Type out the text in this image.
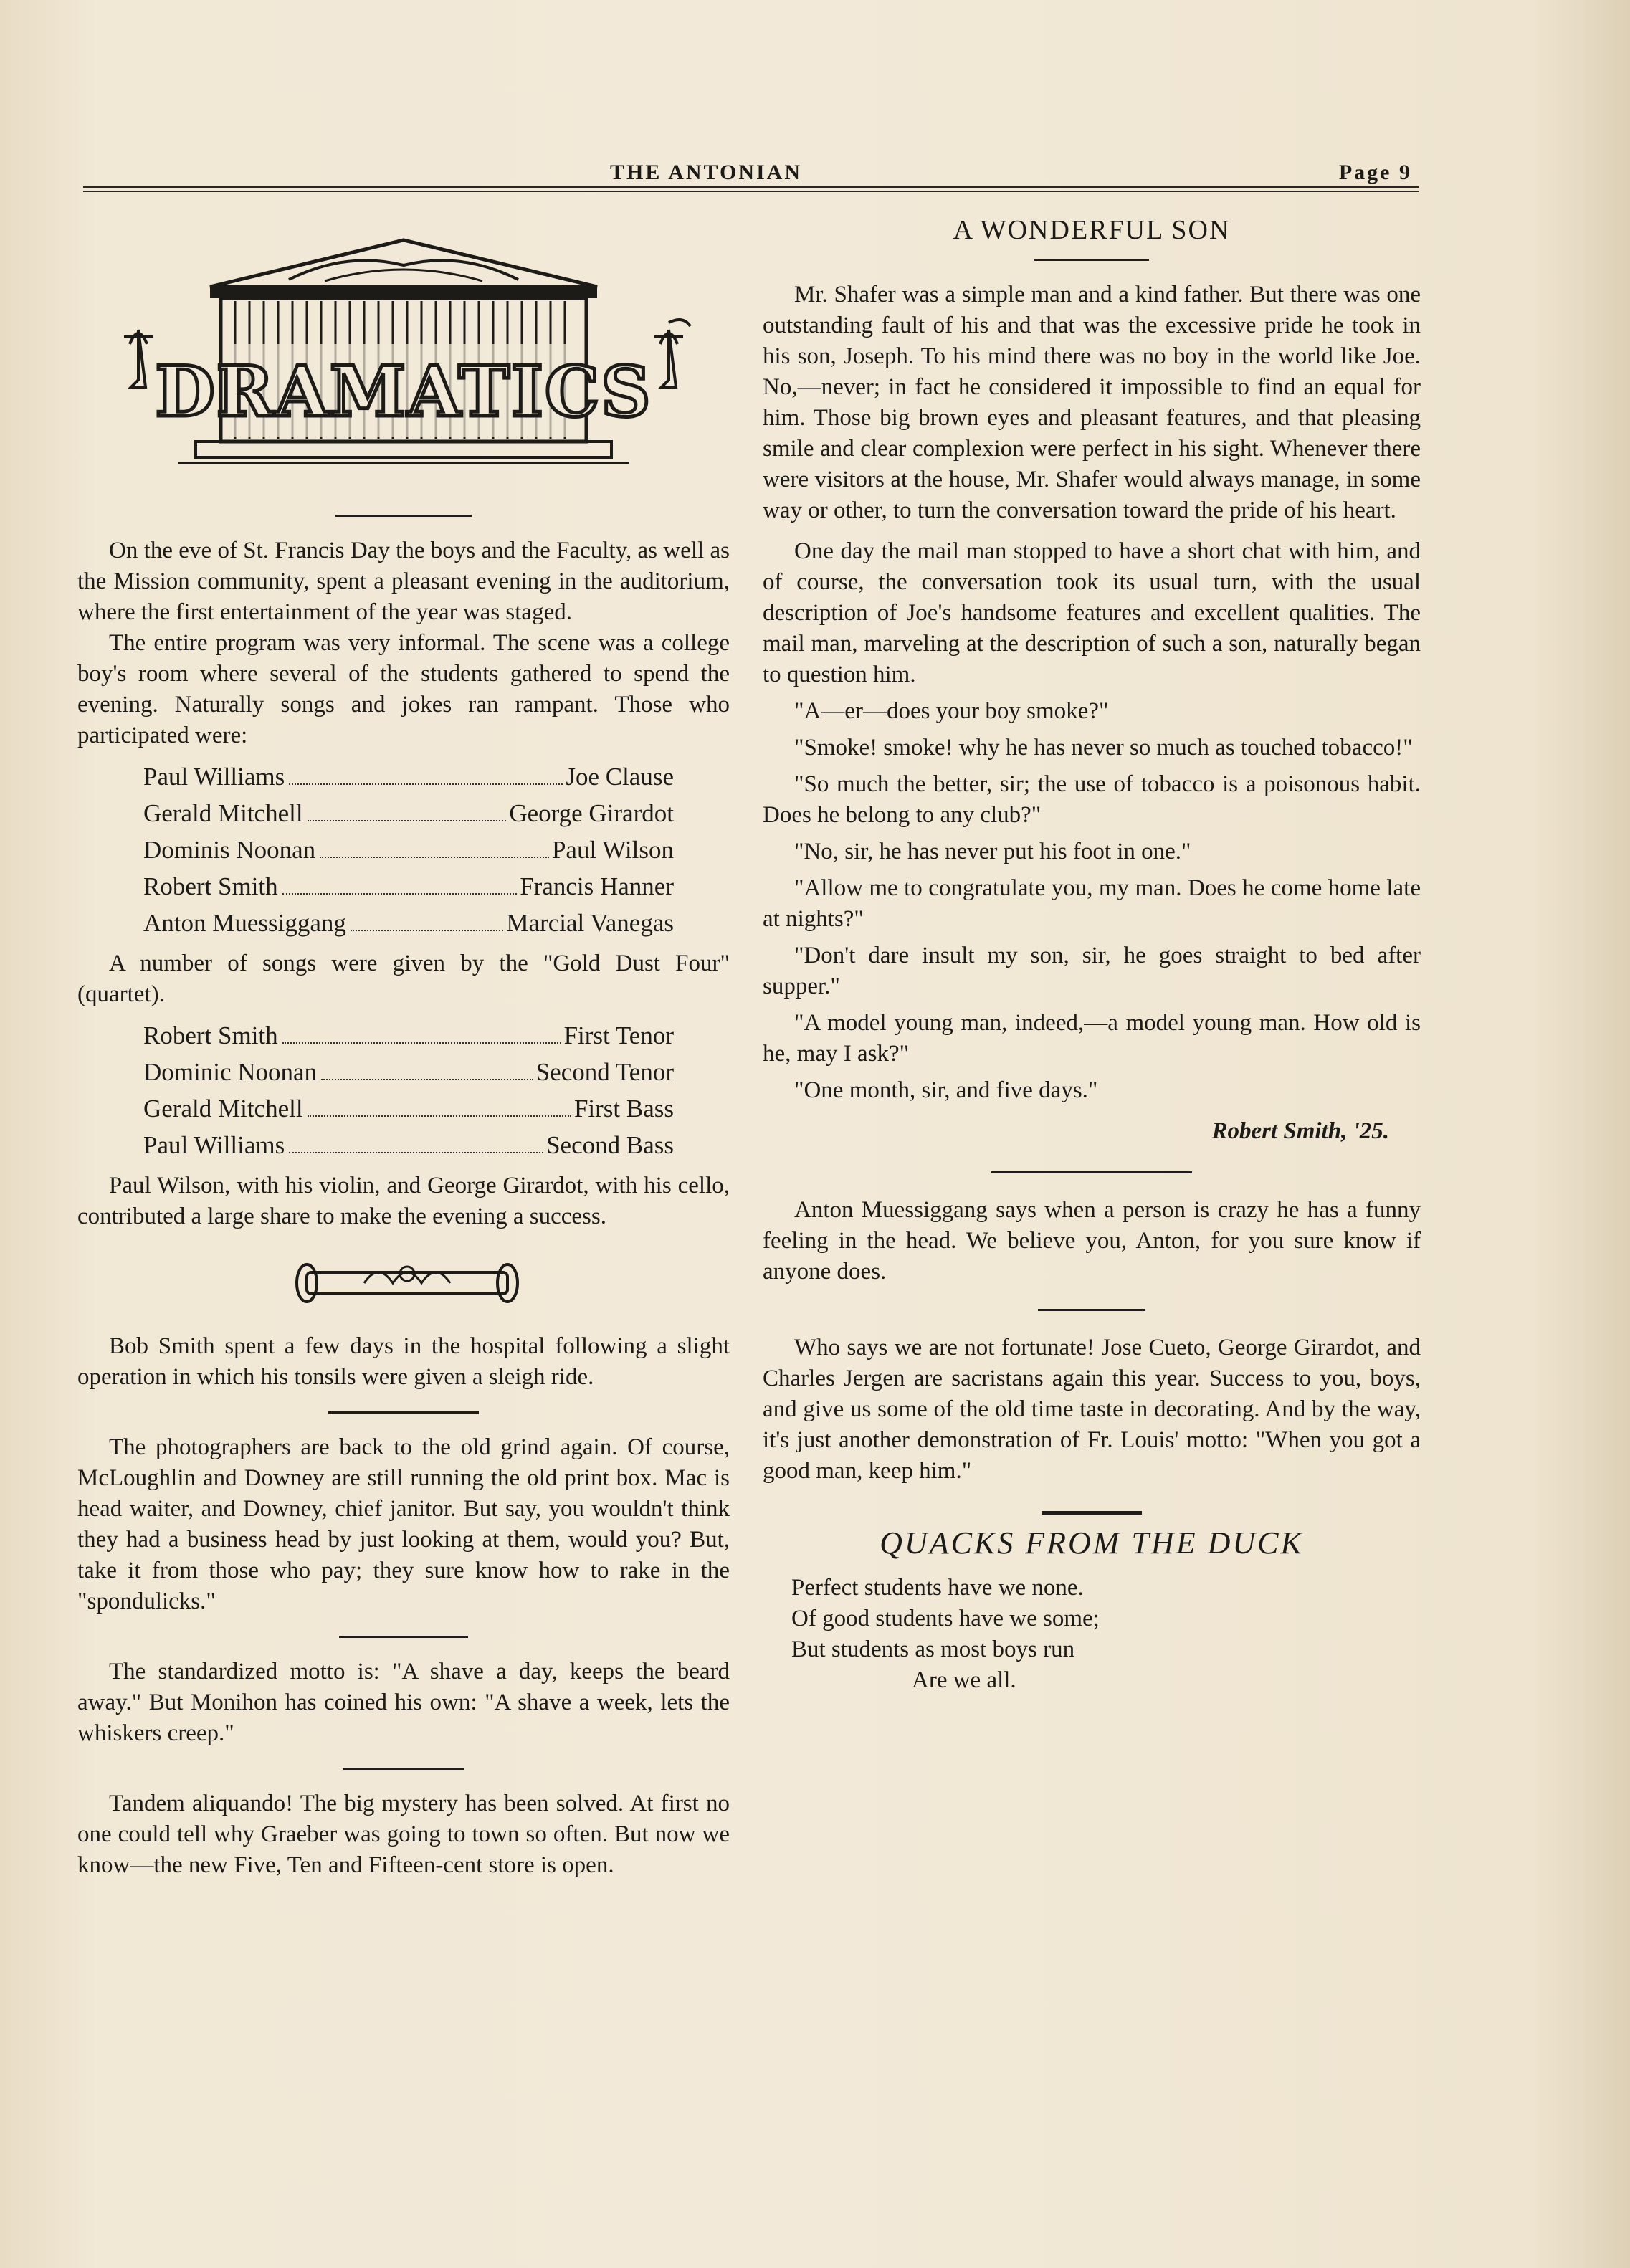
THE ANTONIAN	Page 9
DRAMATICS

On the eve of St. Francis Day the boys and the Faculty, as well as the Mission community, spent a pleasant evening in the auditorium, where the first entertainment of the year was staged.

The entire program was very informal. The scene was a college boy's room where several of the students gathered to spend the evening. Naturally songs and jokes ran rampant. Those who participated were:

Paul Williams	Joe Clause
Gerald Mitchell	George Girardot
Dominis Noonan	Paul Wilson
Robert Smith	Francis Hanner
Anton Muessiggang	Marcial Vanegas

A number of songs were given by the "Gold Dust Four" (quartet).

Robert Smith	First Tenor
Dominic Noonan	Second Tenor
Gerald Mitchell	First Bass
Paul Williams	Second Bass

Paul Wilson, with his violin, and George Girardot, with his cello, contributed a large share to make the evening a success.

Bob Smith spent a few days in the hospital following a slight operation in which his tonsils were given a sleigh ride.

The photographers are back to the old grind again. Of course, McLoughlin and Downey are still running the old print box. Mac is head waiter, and Downey, chief janitor. But say, you wouldn't think they had a business head by just looking at them, would you? But, take it from those who pay; they sure know how to rake in the "spondulicks."

The standardized motto is: "A shave a day, keeps the beard away." But Monihon has coined his own: "A shave a week, lets the whiskers creep."

Tandem aliquando! The big mystery has been solved. At first no one could tell why Graeber was going to town so often. But now we know—the new Five, Ten and Fifteen-cent store is open.

A WONDERFUL SON

Mr. Shafer was a simple man and a kind father. But there was one outstanding fault of his and that was the excessive pride he took in his son, Joseph. To his mind there was no boy in the world like Joe. No,—never; in fact he considered it impossible to find an equal for him. Those big brown eyes and pleasant features, and that pleasing smile and clear complexion were perfect in his sight. Whenever there were visitors at the house, Mr. Shafer would always manage, in some way or other, to turn the conversation toward the pride of his heart.

One day the mail man stopped to have a short chat with him, and of course, the conversation took its usual turn, with the usual description of Joe's handsome features and excellent qualities. The mail man, marveling at the description of such a son, naturally began to question him.

"A—er—does your boy smoke?"

"Smoke! smoke! why he has never so much as touched tobacco!"

"So much the better, sir; the use of tobacco is a poisonous habit. Does he belong to any club?"

"No, sir, he has never put his foot in one."

"Allow me to congratulate you, my man. Does he come home late at nights?"

"Don't dare insult my son, sir, he goes straight to bed after supper."

"A model young man, indeed,—a model young man. How old is he, may I ask?"

"One month, sir, and five days."

Robert Smith, '25.

Anton Muessiggang says when a person is crazy he has a funny feeling in the head. We believe you, Anton, for you sure know if anyone does.

Who says we are not fortunate! Jose Cueto, George Girardot, and Charles Jergen are sacristans again this year. Success to you, boys, and give us some of the old time taste in decorating. And by the way, it's just another demonstration of Fr. Louis' motto: "When you got a good man, keep him."

QUACKS FROM THE DUCK
Perfect students have we none.
Of good students have we some;
But students as most boys run
Are we all.
